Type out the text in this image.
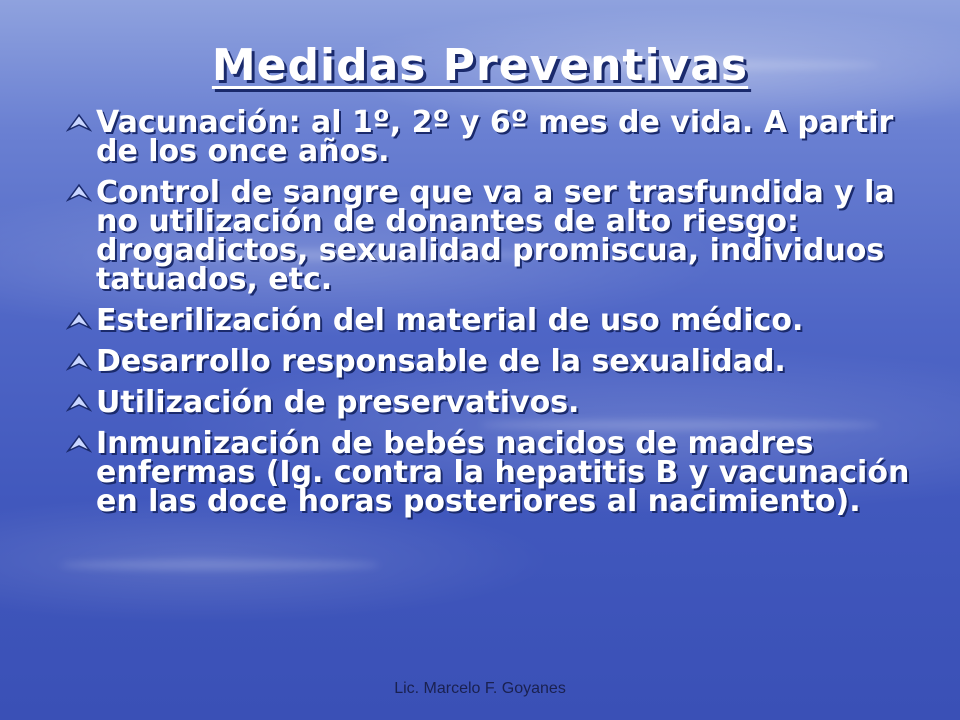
Medidas Preventivas
Vacunación: al 1º, 2º y 6º mes de vida. A partir de los once años.
Control de sangre que va a ser trasfundida y la no utilización de donantes de alto riesgo: drogadictos, sexualidad promiscua, individuos tatuados, etc.
Esterilización del material de uso médico.
Desarrollo responsable de la sexualidad.
Utilización de preservativos.
Inmunización de bebés nacidos de madres enfermas (Ig. contra la hepatitis B y vacunación en las doce horas posteriores al nacimiento).
Lic. Marcelo F. Goyanes
